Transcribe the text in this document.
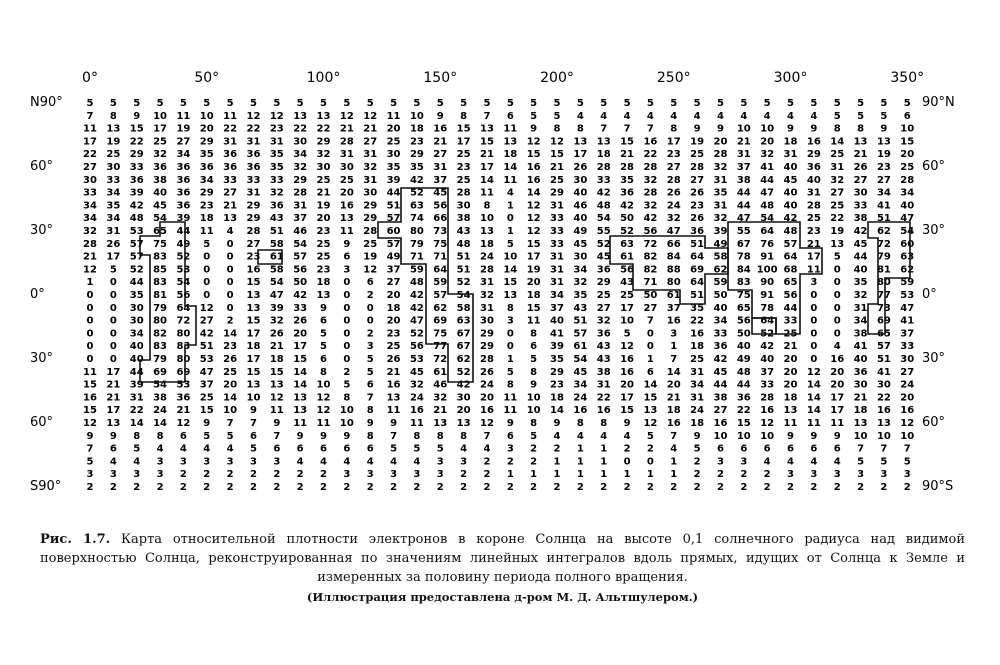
0°	50°	100°	150°	200°	250°	300°	350°
N90°
60°
30°
0°
30°
60°
S90°
90°N
60°
30°
0°
30°
60°
90°S
5 5 5 5 5 5 5 5 5 5 5 5 5 5 5 5 5 5 5 5 5 5 5 5 5 5 5 5 5 5 5 5 5 5 5 5
7 8 9 10 11 10 11 12 12 13 13 12 12 11 10 9 8 7 6 5 5 4 4 4 4 4 4 4 4 4 4 4 5 5 5 6
11 13 15 17 19 20 22 22 23 22 22 21 21 20 18 16 15 13 11 9 8 8 7 7 7 8 9 9 10 10 9 9 8 8 9 10
17 19 22 25 27 29 31 31 31 30 29 28 27 25 23 21 17 15 13 12 12 13 13 15 16 17 19 20 21 20 18 16 14 13 13 15
22 25 29 32 34 35 36 36 35 34 32 31 31 30 29 27 25 21 18 15 15 17 18 21 22 23 25 28 31 32 31 29 25 21 19 20
27 30 33 36 36 36 36 36 35 32 30 30 32 35 35 31 23 17 14 16 21 26 28 28 28 27 28 32 37 41 40 36 31 26 23 25
30 33 36 38 36 34 33 33 33 29 25 25 31 39 42 37 25 14 11 16 25 30 33 35 32 28 27 31 38 44 45 40 32 27 27 28
33 34 39 40 36 29 27 31 32 28 21 20 30 44 52 45 28 11 4 14 29 40 42 36 28 26 26 35 44 47 40 31 27 30 34 34
34 35 42 45 36 23 21 29 36 31 19 16 29 51 63 56 30 8 1 12 31 46 48 42 32 24 23 31 44 48 40 28 25 33 41 40
34 34 48 54 39 18 13 29 43 37 20 13 29 57 74 66 38 10 0 12 33 40 54 50 42 32 26 32 47 54 42 25 22 38 51 47
32 31 53 65 44 11 4 28 51 46 23 11 28 60 80 73 43 13 1 12 33 49 55 52 56 47 36 39 55 64 48 23 19 42 62 54
28 26 57 75 49 5 0 27 58 54 25 9 25 57 79 75 48 18 5 15 33 45 52 63 72 66 51 49 67 76 57 21 13 45 72 60
21 17 57 83 52 0 0 23 61 57 25 6 19 49 71 71 51 24 10 17 31 30 45 61 82 84 64 58 78 91 64 17 5 44 79 63
12 5 52 85 53 0 0 16 58 56 23 3 12 37 59 64 51 28 14 19 31 34 36 56 82 88 69 62 84 100 68 11 0 40 81 62
1 0 44 83 54 0 0 15 54 50 18 0 6 27 48 59 52 31 15 20 31 32 29 43 71 80 64 59 83 90 65 3 0 35 80 59
0 0 35 81 56 0 0 13 47 42 13 0 2 20 42 57 54 32 13 18 34 35 25 25 50 61 51 50 75 91 56 0 0 32 77 53
0 0 30 79 64 12 0 13 39 33 9 0 0 18 42 62 58 31 8 15 37 43 27 17 27 37 35 40 65 78 44 0 0 31 73 47
0 0 30 80 72 27 2 15 32 26 6 0 0 20 47 69 63 30 3 11 40 51 32 10 7 16 22 34 56 64 33 0 0 34 69 41
0 0 34 82 80 42 14 17 26 20 5 0 2 23 52 75 67 29 0 8 41 57 36 5 0 3 16 33 50 52 25 0 0 38 65 37
0 0 40 83 83 51 23 18 21 17 5 0 3 25 56 77 67 29 0 6 39 61 43 12 0 1 18 36 40 42 21 0 4 41 57 33
0 0 40 79 80 53 26 17 18 15 6 0 5 26 53 72 62 28 1 5 35 54 43 16 1 7 25 42 49 40 20 0 16 40 51 30
11 17 44 69 69 47 25 15 15 14 8 2 5 21 45 61 52 26 5 8 29 45 38 16 6 14 31 45 48 37 20 12 20 36 41 27
15 21 39 54 53 37 20 13 13 14 10 5 6 16 32 46 42 24 8 9 23 34 31 20 14 20 34 44 44 33 20 14 20 30 30 24
16 21 31 38 36 25 14 10 12 13 12 8 7 13 24 32 30 20 11 10 18 24 22 17 15 21 31 38 36 28 18 14 17 21 22 20
15 17 22 24 21 15 10 9 11 13 12 10 8 11 16 21 20 16 11 10 14 16 16 15 13 18 24 27 22 16 13 14 17 18 16 16
12 13 14 14 12 9 7 7 9 11 11 10 9 9 11 13 13 12 9 8 9 8 8 9 12 16 18 16 15 12 11 11 11 13 13 12
9 9 8 8 6 5 5 6 7 9 9 9 8 7 8 8 8 7 6 5 4 4 4 4 5 7 9 10 10 10 9 9 9 10 10 10
7 6 5 4 4 4 4 5 6 6 6 6 6 5 5 5 4 4 3 2 2 1 1 2 2 4 5 6 6 6 6 6 6 7 7 7
5 4 4 3 3 3 3 3 3 4 4 4 4 4 4 3 3 2 2 2 1 1 1 0 0 1 2 3 3 4 4 4 4 5 5 5
3 3 3 3 2 2 2 2 2 2 2 3 3 3 3 3 2 2 1 1 1 1 1 1 1 1 2 2 2 2 3 3 3 3 3 3
2 2 2 2 2 2 2 2 2 2 2 2 2 2 2 2 2 2 2 2 2 2 2 2 2 2 2 2 2 2 2 2 2 2 2 2
Рис. 1.7. Карта относительной плотности электронов в короне Солнца на высоте 0,1 солнечного радиуса над видимой поверхностью Солнца, реконструированная по значениям линейных интегралов вдоль прямых, идущих от Солнца к Земле и измеренных за половину периода полного вращения.
(Иллюстрация предоставлена д-ром М. Д. Альтшулером.)
